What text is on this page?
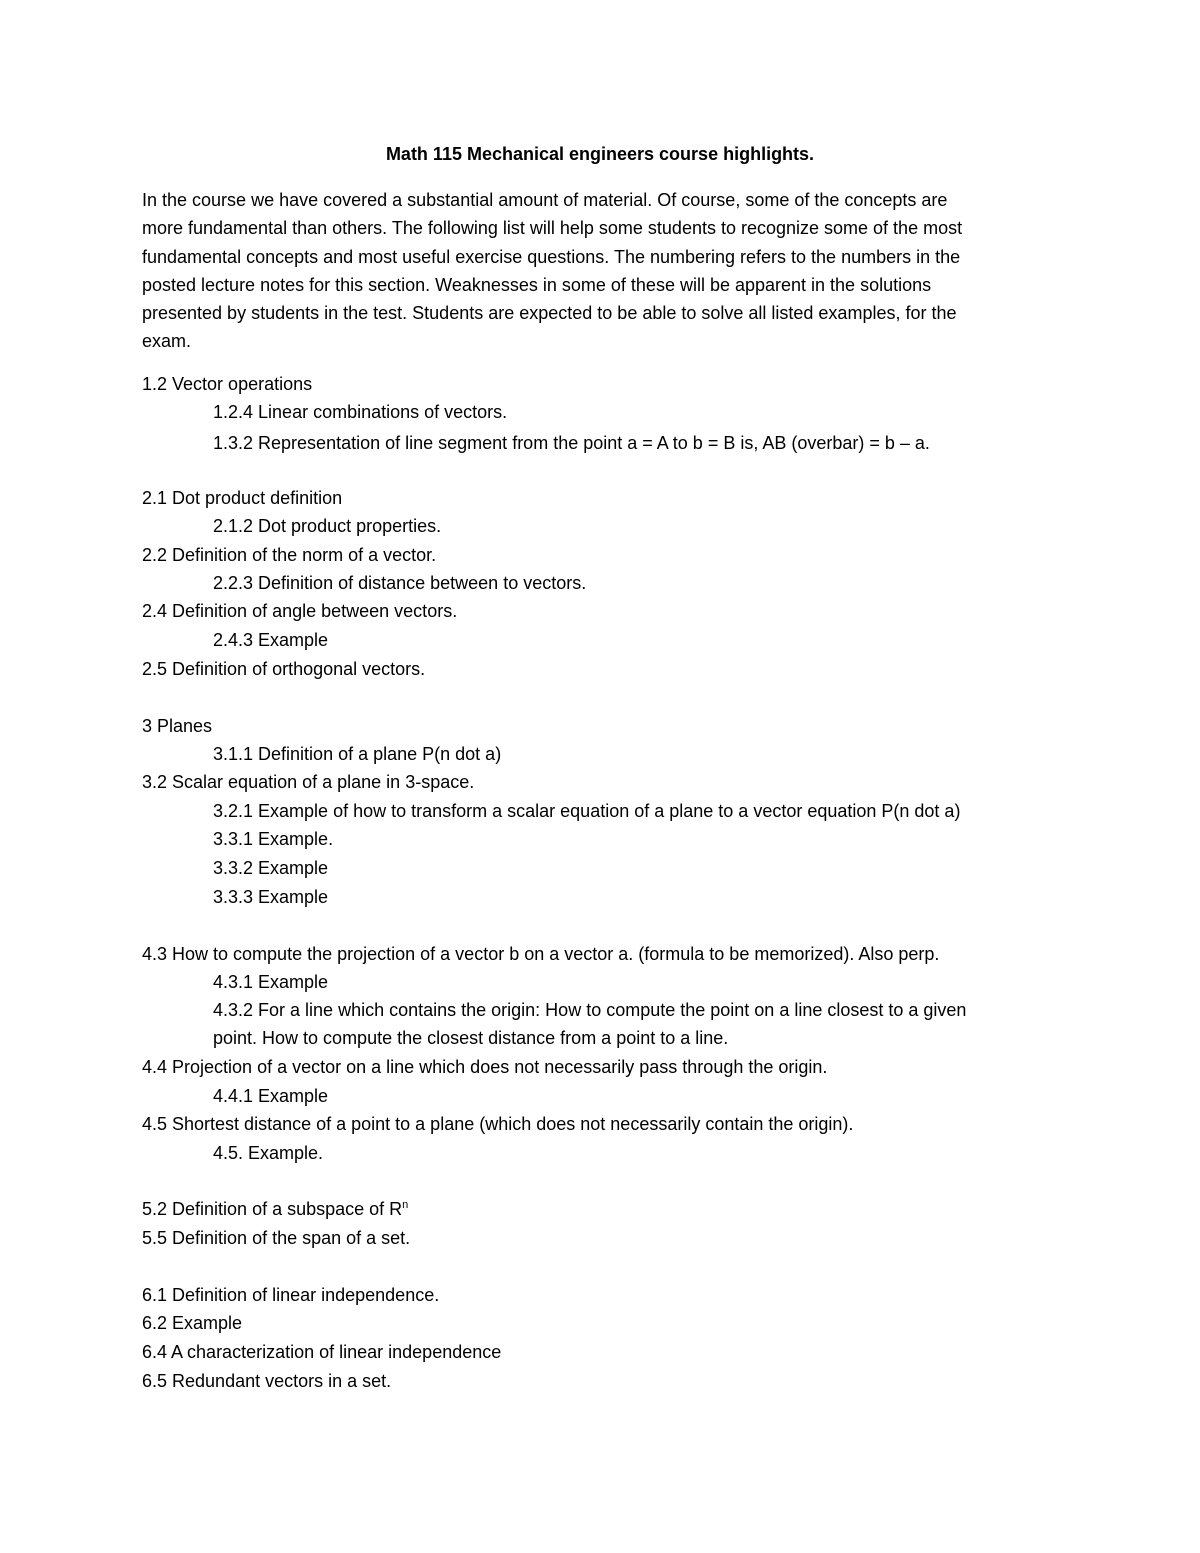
Math 115 Mechanical engineers course highlights.

In the course we have covered a substantial amount of material. Of course, some of the concepts are

more fundamental than others. The following list will help some students to recognize some of the most

fundamental concepts and most useful exercise questions. The numbering refers to the numbers in the

posted lecture notes for this section. Weaknesses in some of these will be apparent in the solutions

presented by students in the test. Students are expected to be able to solve all listed examples, for the

exam.

1.2 Vector operations
1.2.4 Linear combinations of vectors.
1.3.2 Representation of line segment from the point a = A to b = B is, AB (overbar) = b – a.
2.1 Dot product definition
2.1.2 Dot product properties.
2.2 Definition of the norm of a vector.
2.2.3 Definition of distance between to vectors.
2.4 Definition of angle between vectors.
2.4.3 Example
2.5 Definition of orthogonal vectors.
3 Planes
3.1.1 Definition of a plane P(n dot a)
3.2 Scalar equation of a plane in 3-space.
3.2.1 Example of how to transform a scalar equation of a plane to a vector equation P(n dot a)
3.3.1 Example.
3.3.2 Example
3.3.3 Example
4.3 How to compute the projection of a vector b on a vector a. (formula to be memorized). Also perp.
4.3.1 Example
4.3.2 For a line which contains the origin: How to compute the point on a line closest to a given
point. How to compute the closest distance from a point to a line.
4.4 Projection of a vector on a line which does not necessarily pass through the origin.
4.4.1 Example
4.5 Shortest distance of a point to a plane (which does not necessarily contain the origin).
4.5. Example.
5.2 Definition of a subspace of $R^n$
5.5 Definition of the span of a set.
6.1 Definition of linear independence.
6.2 Example
6.4 A characterization of linear independence
6.5 Redundant vectors in a set.
